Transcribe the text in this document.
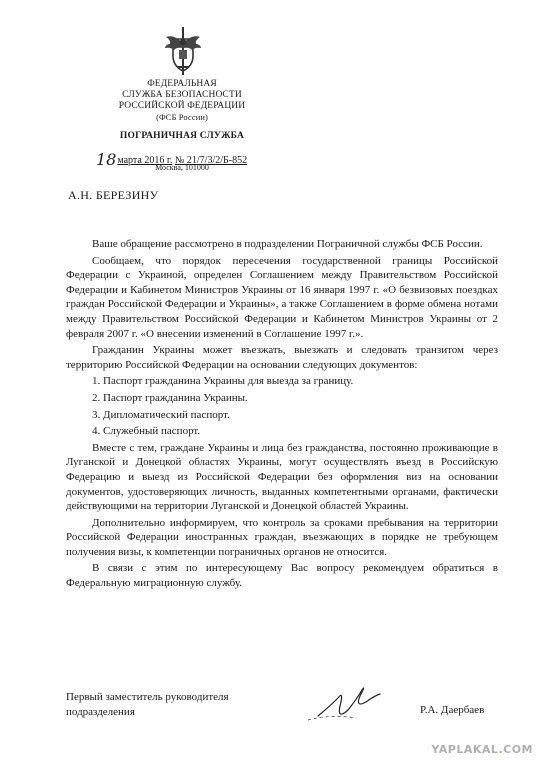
ФЕДЕРАЛЬНАЯ
СЛУЖБА БЕЗОПАСНОСТИ
РОССИЙСКОЙ ФЕДЕРАЦИИ
(ФСБ России)
ПОГРАНИЧНАЯ СЛУЖБА
18марта 2016 г. № 21/7/3/2/Б-852
Москва, 101000
А.Н. БЕРЕЗИНУ

Ваше обращение рассмотрено в подразделении Пограничной службы ФСБ России.

Сообщаем, что порядок пересечения государственной границы Российской Федерации с Украиной, определен Соглашением между Правительством Российской Федерации и Кабинетом Министров Украины от 16 января 1997 г. «О безвизовых поездках граждан Российской Федерации и Украины», а также Соглашением в форме обмена нотами между Правительством Российской Федерации и Кабинетом Министров Украины от 2 февраля 2007 г. «О внесении изменений в Соглашение 1997 г.».

Гражданин Украины может въезжать, выезжать и следовать транзитом через территорию Российской Федерации на основании следующих документов:

1. Паспорт гражданина Украины для выезда за границу.

2. Паспорт гражданина Украины.

3. Дипломатический паспорт.

4. Служебный паспорт.

Вместе с тем, граждане Украины и лица без гражданства, постоянно проживающие в Луганской и Донецкой областях Украины, могут осуществлять въезд в Российскую Федерацию и выезд из Российской Федерации без оформления виз на основании документов, удостоверяющих личность, выданных компетентными органами, фактически действующими на территории Луганской и Донецкой областей Украины.

Дополнительно информируем, что контроль за сроками пребывания на территории Российской Федерации иностранных граждан, въезжающих в порядке не требующем получения визы, к компетенции пограничных органов не относится.

В связи с этим по интересующему Вас вопросу рекомендуем обратиться в Федеральную миграционную службу.

Первый заместитель руководителя
подразделения	Р.А. Даербаев
YAPLAKAL.COM
